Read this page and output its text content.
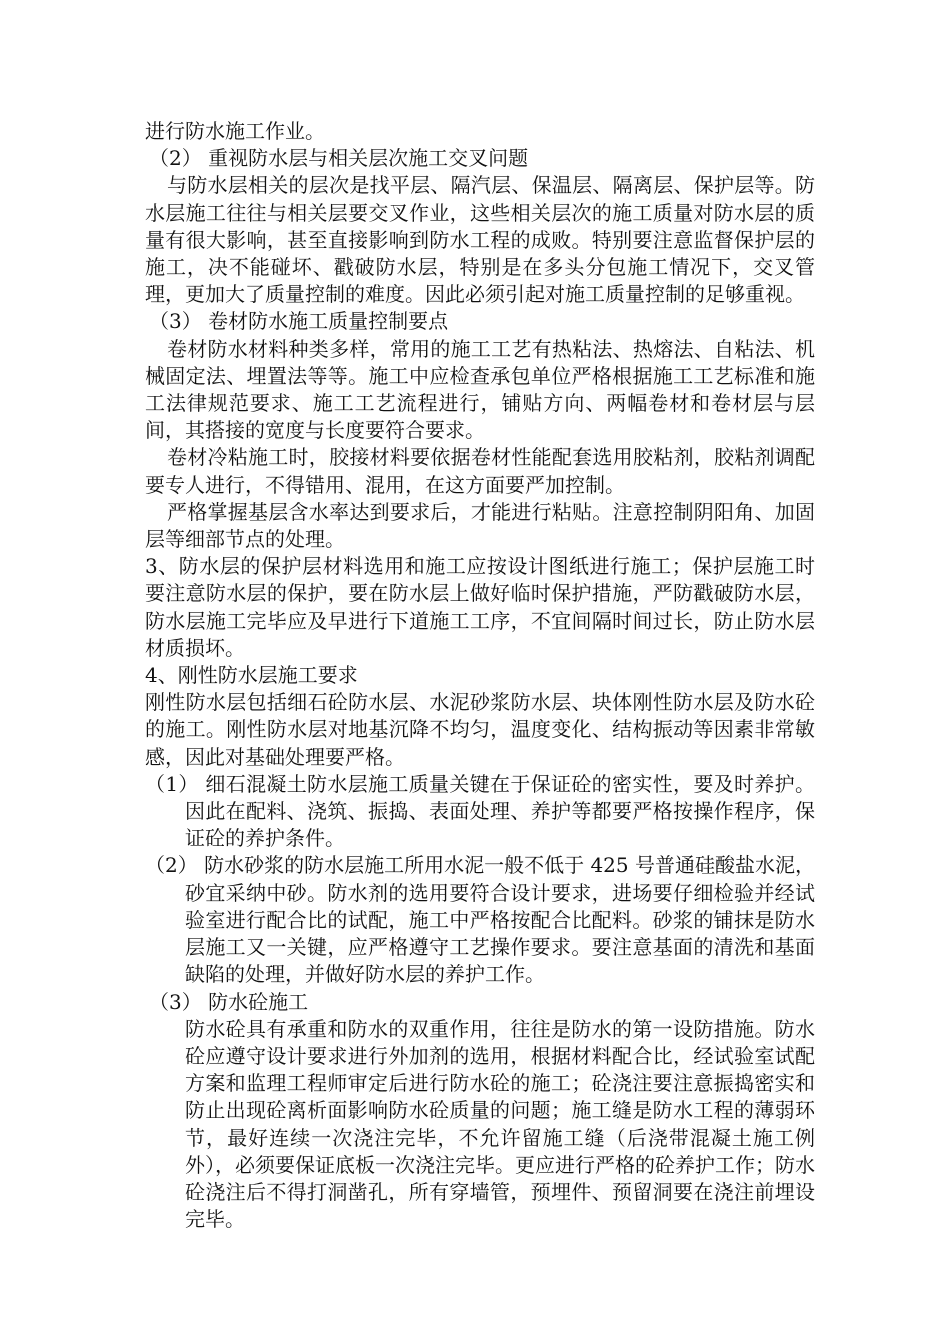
进行防水施工作业。

（2） 重视防水层与相关层次施工交叉问题

与防水层相关的层次是找平层、隔汽层、保温层、隔离层、保护层等。防水层施工往往与相关层要交叉作业，这些相关层次的施工质量对防水层的质量有很大影响，甚至直接影响到防水工程的成败。特别要注意监督保护层的施工，决不能碰坏、戳破防水层，特别是在多头分包施工情况下，交叉管理，更加大了质量控制的难度。因此必须引起对施工质量控制的足够重视。

（3） 卷材防水施工质量控制要点

卷材防水材料种类多样，常用的施工工艺有热粘法、热熔法、自粘法、机械固定法、埋置法等等。施工中应检查承包单位严格根据施工工艺标准和施工法律规范要求、施工工艺流程进行，铺贴方向、两幅卷材和卷材层与层间，其搭接的宽度与长度要符合要求。

卷材冷粘施工时，胶接材料要依据卷材性能配套选用胶粘剂，胶粘剂调配要专人进行，不得错用、混用，在这方面要严加控制。

严格掌握基层含水率达到要求后，才能进行粘贴。注意控制阴阳角、加固层等细部节点的处理。

3、防水层的保护层材料选用和施工应按设计图纸进行施工；保护层施工时要注意防水层的保护，要在防水层上做好临时保护措施，严防戳破防水层，防水层施工完毕应及早进行下道施工工序，不宜间隔时间过长，防止防水层材质损坏。

4、刚性防水层施工要求

刚性防水层包括细石砼防水层、水泥砂浆防水层、块体刚性防水层及防水砼的施工。刚性防水层对地基沉降不均匀，温度变化、结构振动等因素非常敏感，因此对基础处理要严格。

（1） 细石混凝土防水层施工质量关键在于保证砼的密实性，要及时养护。因此在配料、浇筑、振捣、表面处理、养护等都要严格按操作程序，保证砼的养护条件。

（2） 防水砂浆的防水层施工所用水泥一般不低于 425 号普通硅酸盐水泥，砂宜采纳中砂。防水剂的选用要符合设计要求，进场要仔细检验并经试验室进行配合比的试配，施工中严格按配合比配料。砂浆的铺抹是防水层施工又一关键，应严格遵守工艺操作要求。要注意基面的清洗和基面缺陷的处理，并做好防水层的养护工作。

（3） 防水砼施工

防水砼具有承重和防水的双重作用，往往是防水的第一设防措施。防水砼应遵守设计要求进行外加剂的选用，根据材料配合比，经试验室试配方案和监理工程师审定后进行防水砼的施工；砼浇注要注意振捣密实和防止出现砼离析面影响防水砼质量的问题；施工缝是防水工程的薄弱环节，最好连续一次浇注完毕，不允许留施工缝（后浇带混凝土施工例外），必须要保证底板一次浇注完毕。更应进行严格的砼养护工作；防水砼浇注后不得打洞凿孔，所有穿墙管，预埋件、预留洞要在浇注前埋设完毕。
